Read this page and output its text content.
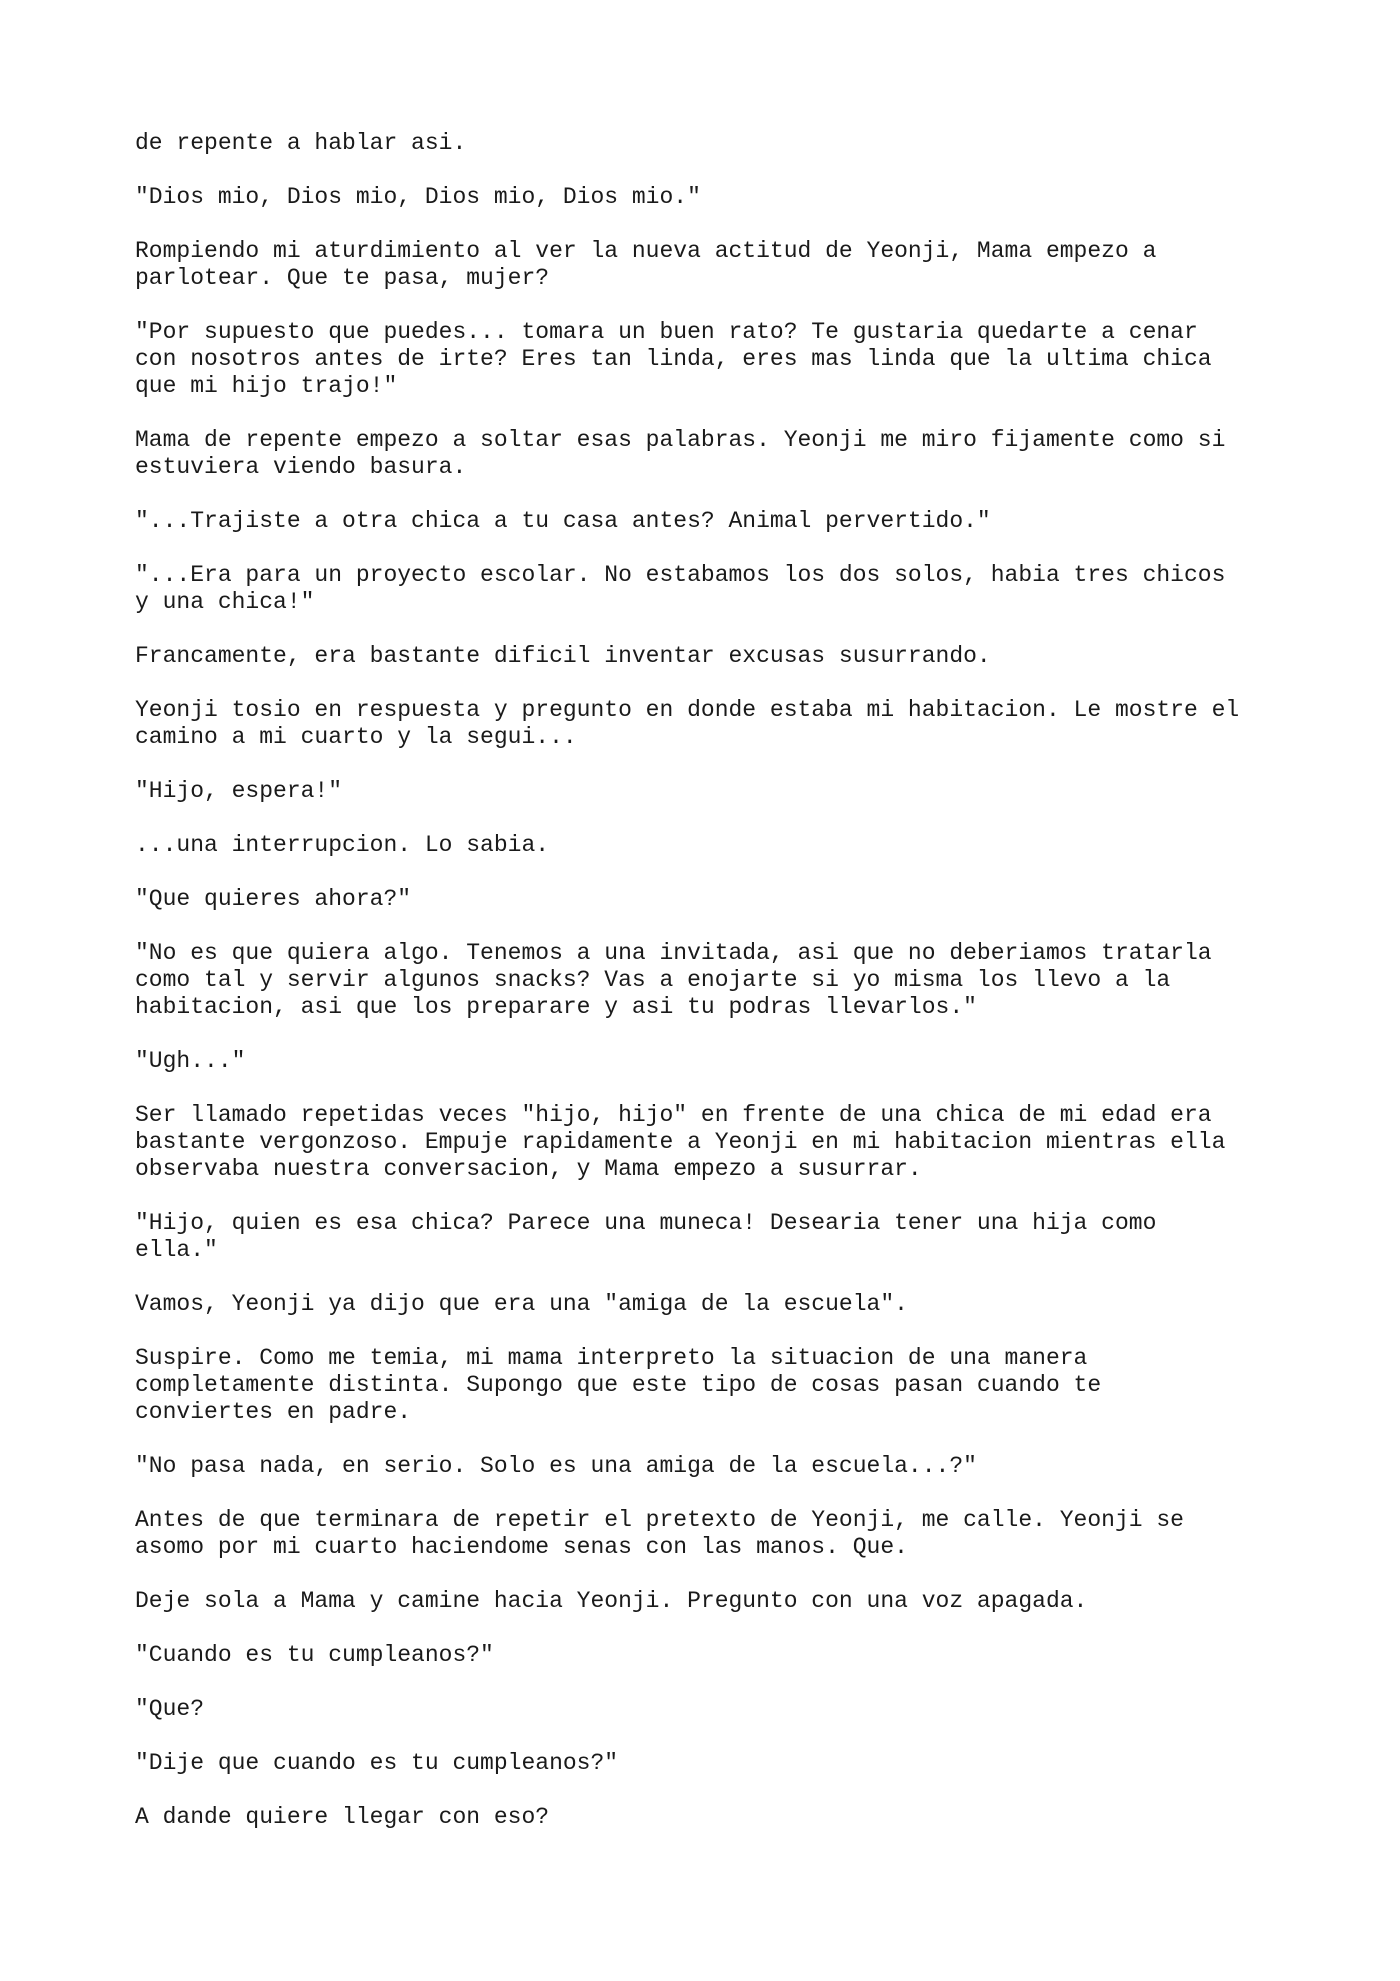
de repente a hablar asi.
"Dios mio, Dios mio, Dios mio, Dios mio."
Rompiendo mi aturdimiento al ver la nueva actitud de Yeonji, Mama empezo a
parlotear. Que te pasa, mujer?
"Por supuesto que puedes... tomara un buen rato? Te gustaria quedarte a cenar
con nosotros antes de irte? Eres tan linda, eres mas linda que la ultima chica
que mi hijo trajo!"
Mama de repente empezo a soltar esas palabras. Yeonji me miro fijamente como si
estuviera viendo basura.
"...Trajiste a otra chica a tu casa antes? Animal pervertido."
"...Era para un proyecto escolar. No estabamos los dos solos, habia tres chicos
y una chica!"
Francamente, era bastante dificil inventar excusas susurrando.
Yeonji tosio en respuesta y pregunto en donde estaba mi habitacion. Le mostre el
camino a mi cuarto y la segui...
"Hijo, espera!"
...una interrupcion. Lo sabia.
"Que quieres ahora?"
"No es que quiera algo. Tenemos a una invitada, asi que no deberiamos tratarla
como tal y servir algunos snacks? Vas a enojarte si yo misma los llevo a la
habitacion, asi que los preparare y asi tu podras llevarlos."
"Ugh..."
Ser llamado repetidas veces "hijo, hijo" en frente de una chica de mi edad era
bastante vergonzoso. Empuje rapidamente a Yeonji en mi habitacion mientras ella
observaba nuestra conversacion, y Mama empezo a susurrar.
"Hijo, quien es esa chica? Parece una muneca! Desearia tener una hija como
ella."
Vamos, Yeonji ya dijo que era una "amiga de la escuela".
Suspire. Como me temia, mi mama interpreto la situacion de una manera
completamente distinta. Supongo que este tipo de cosas pasan cuando te
conviertes en padre.
"No pasa nada, en serio. Solo es una amiga de la escuela...?"
Antes de que terminara de repetir el pretexto de Yeonji, me calle. Yeonji se
asomo por mi cuarto haciendome senas con las manos. Que.
Deje sola a Mama y camine hacia Yeonji. Pregunto con una voz apagada.
"Cuando es tu cumpleanos?"
"Que?
"Dije que cuando es tu cumpleanos?"
A dande quiere llegar con eso?
